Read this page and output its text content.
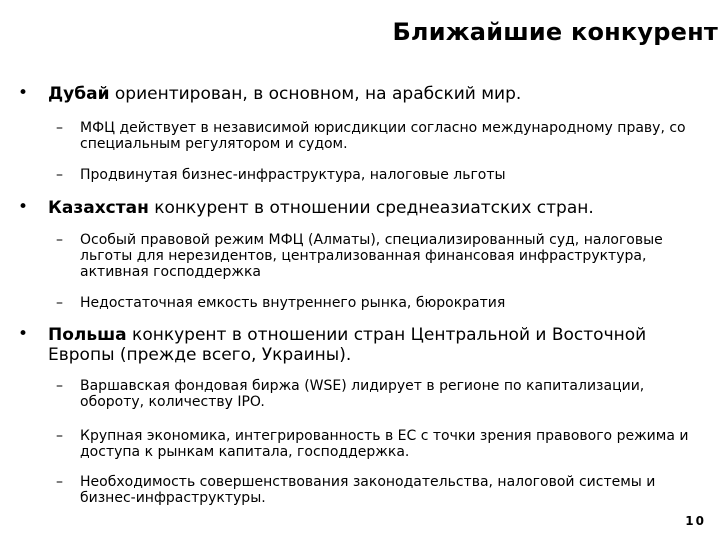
Ближайшие конкурент
• Дубай ориентирован, в основном, на арабский мир.
– МФЦ действует в независимой юрисдикции согласно международному праву, со специальным регулятором и судом.
– Продвинутая бизнес-инфраструктура, налоговые льготы
• Казахстан конкурент в отношении среднеазиатских стран.
– Особый правовой режим МФЦ (Алматы), специализированный суд, налоговые льготы для нерезидентов, централизованная финансовая инфраструктура, активная господдержка
– Недостаточная емкость внутреннего рынка, бюрократия
• Польша конкурент в отношении стран Центральной и Восточной Европы (прежде всего, Украины).
– Варшавская фондовая биржа (WSE) лидирует в регионе по капитализации, обороту, количеству IPO.
– Крупная экономика, интегрированность в ЕС с точки зрения правового режима и доступа к рынкам капитала, господдержка.
– Необходимость совершенствования законодательства, налоговой системы и бизнес-инфраструктуры.
10
